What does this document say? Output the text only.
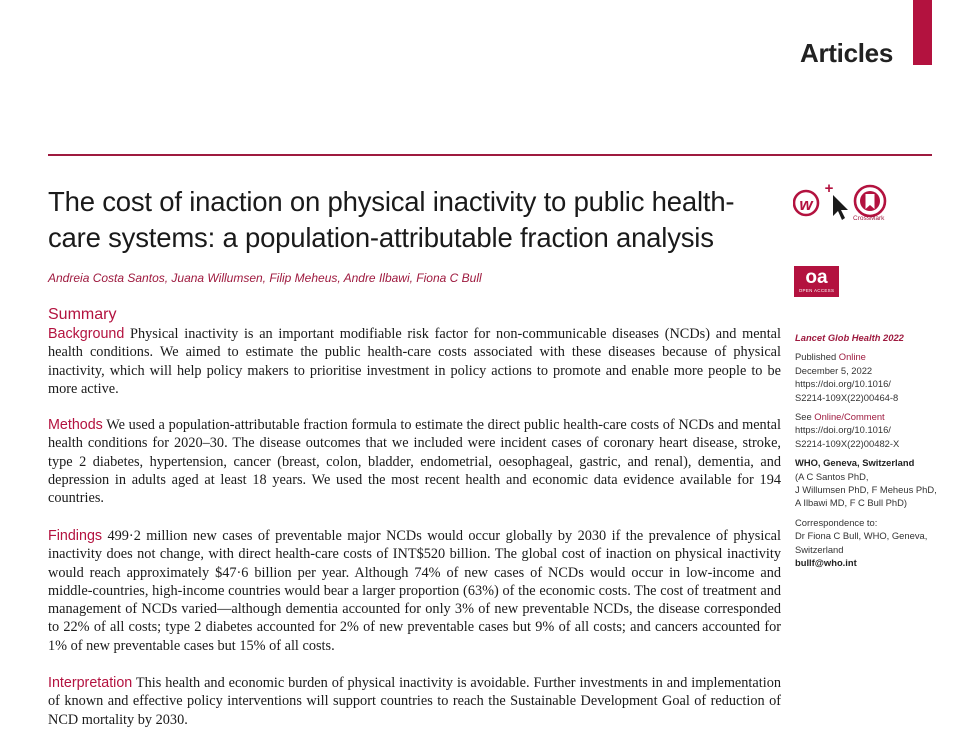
Articles
The cost of inaction on physical inactivity to public health-care systems: a population-attributable fraction analysis
Andreia Costa Santos, Juana Willumsen, Filip Meheus, Andre Ilbawi, Fiona C Bull
w
+
CrossMark
oa
OPEN ACCESS
Summary

Background Physical inactivity is an important modifiable risk factor for non-communicable diseases (NCDs) and mental health conditions. We aimed to estimate the public health-care costs associated with these diseases because of physical inactivity, which will help policy makers to prioritise investment in policy actions to promote and enable more people to be more active.

Methods We used a population-attributable fraction formula to estimate the direct public health-care costs of NCDs and mental health conditions for 2020–30. The disease outcomes that we included were incident cases of coronary heart disease, stroke, type 2 diabetes, hypertension, cancer (breast, colon, bladder, endometrial, oesophageal, gastric, and renal), dementia, and depression in adults aged at least 18 years. We used the most recent health and economic data evidence available for 194 countries.

Findings 499·2 million new cases of preventable major NCDs would occur globally by 2030 if the prevalence of physical inactivity does not change, with direct health-care costs of INT$520 billion. The global cost of inaction on physical inactivity would reach approximately $47·6 billion per year. Although 74% of new cases of NCDs would occur in low-income and middle-countries, high-income countries would bear a larger proportion (63%) of the economic costs. The cost of treatment and management of NCDs varied—although dementia accounted for only 3% of new preventable NCDs, the disease corresponded to 22% of all costs; type 2 diabetes accounted for 2% of new preventable cases but 9% of all costs; and cancers accounted for 1% of new preventable cases but 15% of all costs.

Interpretation This health and economic burden of physical inactivity is avoidable. Further investments in and implementation of known and effective policy interventions will support countries to reach the Sustainable Development Goal of reduction of NCD mortality by 2030.

Lancet Glob Health 2022
Published Online
December 5, 2022
https://doi.org/10.1016/
S2214-109X(22)00464-8
See Online/Comment
https://doi.org/10.1016/
S2214-109X(22)00482-X
WHO, Geneva, Switzerland
(A C Santos PhD,
J Willumsen PhD, F Meheus PhD,
A Ilbawi MD, F C Bull PhD)
Correspondence to:
Dr Fiona C Bull, WHO, Geneva,
Switzerland
bullf@who.int
